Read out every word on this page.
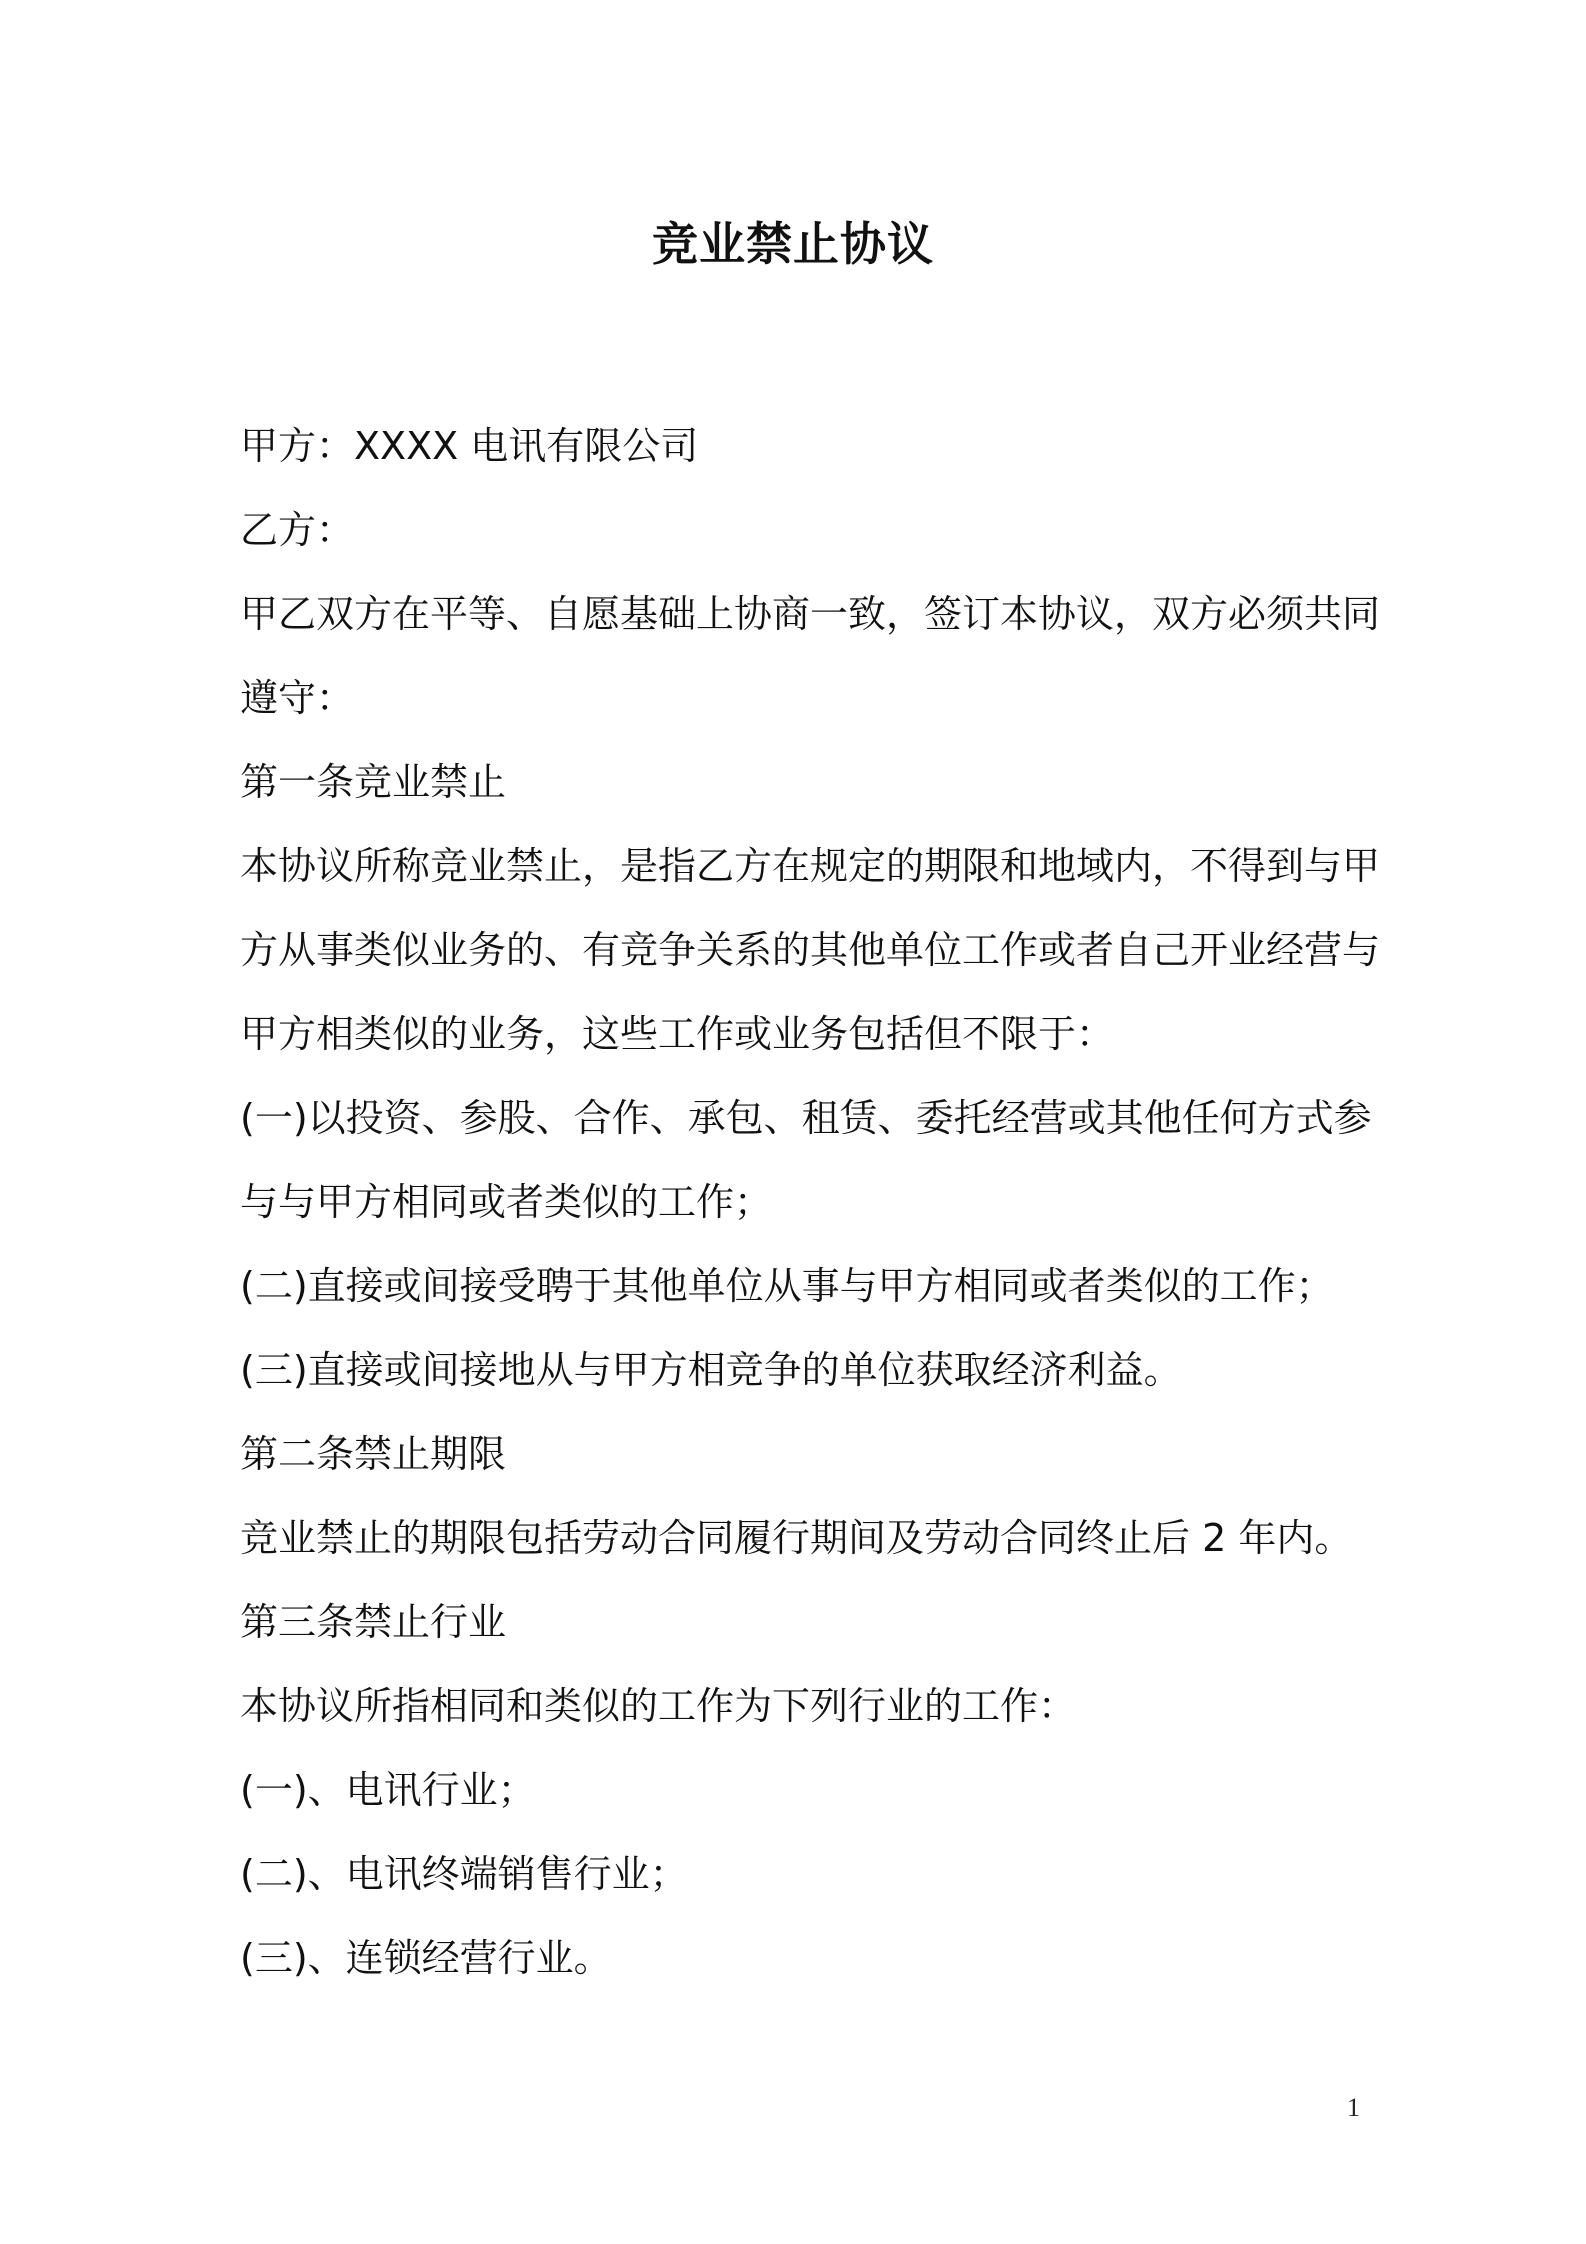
竞业禁止协议
甲方：XXXX 电讯有限公司
乙方：
甲乙双方在平等、自愿基础上协商一致，签订本协议，双方必须共同
遵守：
第一条竞业禁止
本协议所称竞业禁止，是指乙方在规定的期限和地域内，不得到与甲
方从事类似业务的、有竞争关系的其他单位工作或者自己开业经营与
甲方相类似的业务，这些工作或业务包括但不限于：
(一)以投资、参股、合作、承包、租赁、委托经营或其他任何方式参
与与甲方相同或者类似的工作；
(二)直接或间接受聘于其他单位从事与甲方相同或者类似的工作；
(三)直接或间接地从与甲方相竞争的单位获取经济利益。
第二条禁止期限
竞业禁止的期限包括劳动合同履行期间及劳动合同终止后 2 年内。
第三条禁止行业
本协议所指相同和类似的工作为下列行业的工作：
(一)、电讯行业；
(二)、电讯终端销售行业；
(三)、连锁经营行业。
1
